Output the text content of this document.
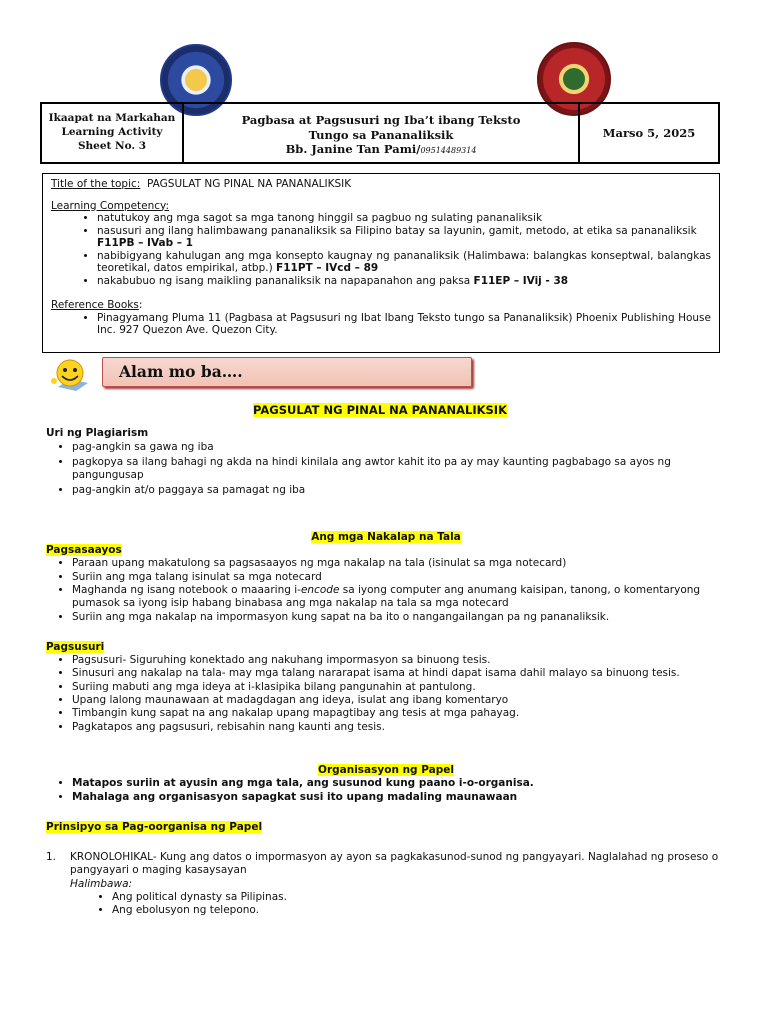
Ikaapat na Markahan
Learning Activity
Sheet No. 3
Pagbasa at Pagsusuri ng Iba’t ibang Teksto
Tungo sa Pananaliksik
Bb. Janine Tan Pami/09514489314
Marso 5, 2025
Title of the topic: PAGSULAT NG PINAL NA PANANALIKSIK
Learning Competency:
• natutukoy ang mga sagot sa mga tanong hinggil sa pagbuo ng sulating pananaliksik
• nasusuri ang ilang halimbawang pananaliksik sa Filipino batay sa layunin, gamit, metodo, at etika sa pananaliksik
F11PB – IVab – 1
• nabibigyang kahulugan ang mga konsepto kaugnay ng pananaliksik (Halimbawa: balangkas konseptwal, balangkas teoretikal, datos empirikal, atbp.) F11PT – IVcd – 89
• nakabubuo ng isang maikling pananaliksik na napapanahon ang paksa F11EP – IVij - 38
Reference Books:
• Pinagyamang Pluma 11 (Pagbasa at Pagsusuri ng Ibat Ibang Teksto tungo sa Pananaliksik) Phoenix Publishing House Inc. 927 Quezon Ave. Quezon City.
Alam mo ba….
PAGSULAT NG PINAL NA PANANALIKSIK
Uri ng Plagiarism
• pag-angkin sa gawa ng iba
• pagkopya sa ilang bahagi ng akda na hindi kinilala ang awtor kahit ito pa ay may kaunting pagbabago sa ayos ng pangungusap
• pag-angkin at/o paggaya sa pamagat ng iba
Ang mga Nakalap na Tala
Pagsasaayos
• Paraan upang makatulong sa pagsasaayos ng mga nakalap na tala (isinulat sa mga notecard)
• Suriin ang mga talang isinulat sa mga notecard
• Maghanda ng isang notebook o maaaring i-encode sa iyong computer ang anumang kaisipan, tanong, o komentaryong pumasok sa iyong isip habang binabasa ang mga nakalap na tala sa mga notecard
• Suriin ang mga nakalap na impormasyon kung sapat na ba ito o nangangailangan pa ng pananaliksik.
Pagsusuri
• Pagsusuri- Siguruhing konektado ang nakuhang impormasyon sa binuong tesis.
• Sinusuri ang nakalap na tala- may mga talang nararapat isama at hindi dapat isama dahil malayo sa binuong tesis.
• Suriing mabuti ang mga ideya at i-klasipika bilang pangunahin at pantulong.
• Upang lalong maunawaan at madagdagan ang ideya, isulat ang ibang komentaryo
• Timbangin kung sapat na ang nakalap upang mapagtibay ang tesis at mga pahayag.
• Pagkatapos ang pagsusuri, rebisahin nang kaunti ang tesis.
Organisasyon ng Papel
• Matapos suriin at ayusin ang mga tala, ang susunod kung paano i-o-organisa.
• Mahalaga ang organisasyon sapagkat susi ito upang madaling maunawaan
Prinsipyo sa Pag-oorganisa ng Papel
1.	KRONOLOHIKAL- Kung ang datos o impormasyon ay ayon sa pagkakasunod-sunod ng pangyayari. Naglalahad ng proseso o pangyayari o maging kasaysayan
Halimbawa:
• Ang political dynasty sa Pilipinas.
• Ang ebolusyon ng telepono.
